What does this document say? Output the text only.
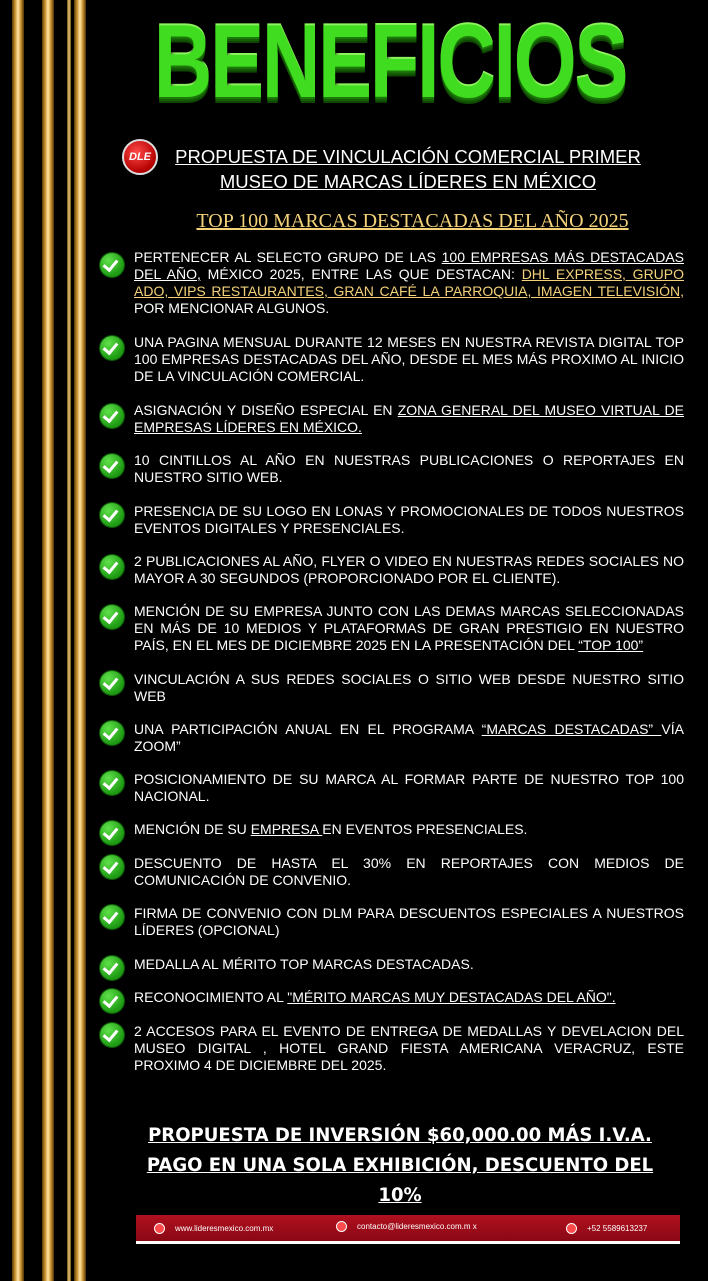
BENEFICIOS
DLE	PROPUESTA DE VINCULACIÓN COMERCIAL PRIMER
MUSEO DE MARCAS LÍDERES EN MÉXICO
TOP 100 MARCAS DESTACADAS DEL AÑO 2025
PERTENECER AL SELECTO GRUPO DE LAS 100 EMPRESAS MÁS DESTACADAS DEL AÑO, MÉXICO 2025, ENTRE LAS QUE DESTACAN: DHL EXPRESS, GRUPO ADO, VIPS RESTAURANTES, GRAN CAFÉ LA PARROQUIA, IMAGEN TELEVISIÓN, POR MENCIONAR ALGUNOS.
UNA PAGINA MENSUAL DURANTE 12 MESES EN NUESTRA REVISTA DIGITAL TOP 100 EMPRESAS DESTACADAS DEL AÑO, DESDE EL MES MÁS PROXIMO AL INICIO DE LA VINCULACIÓN COMERCIAL.
ASIGNACIÓN Y DISEÑO ESPECIAL EN ZONA GENERAL DEL MUSEO VIRTUAL DE EMPRESAS LÍDERES EN MÉXICO.
10 CINTILLOS AL AÑO EN NUESTRAS PUBLICACIONES O REPORTAJES EN NUESTRO SITIO WEB.
PRESENCIA DE SU LOGO EN LONAS Y PROMOCIONALES DE TODOS NUESTROS EVENTOS DIGITALES Y PRESENCIALES.
2 PUBLICACIONES AL AÑO, FLYER O VIDEO EN NUESTRAS REDES SOCIALES NO MAYOR A 30 SEGUNDOS (PROPORCIONADO POR EL CLIENTE).
MENCIÓN DE SU EMPRESA JUNTO CON LAS DEMAS MARCAS SELECCIONADAS EN MÁS DE 10 MEDIOS Y PLATAFORMAS DE GRAN PRESTIGIO EN NUESTRO PAÍS, EN EL MES DE DICIEMBRE 2025 EN LA PRESENTACIÓN DEL “TOP 100”
VINCULACIÓN A SUS REDES SOCIALES O SITIO WEB DESDE NUESTRO SITIO WEB
UNA PARTICIPACIÓN ANUAL EN EL PROGRAMA “MARCAS DESTACADAS” VÍA ZOOM”
POSICIONAMIENTO DE SU MARCA AL FORMAR PARTE DE NUESTRO TOP 100 NACIONAL.
MENCIÓN DE SU EMPRESA EN EVENTOS PRESENCIALES.
DESCUENTO DE HASTA EL 30% EN REPORTAJES CON MEDIOS DE COMUNICACIÓN DE CONVENIO.
FIRMA DE CONVENIO CON DLM PARA DESCUENTOS ESPECIALES A NUESTROS LÍDERES (OPCIONAL)
MEDALLA AL MÉRITO TOP MARCAS DESTACADAS.
RECONOCIMIENTO AL "MÉRITO MARCAS MUY DESTACADAS DEL AÑO".
2 ACCESOS PARA EL EVENTO DE ENTREGA DE MEDALLAS Y DEVELACION DEL MUSEO DIGITAL , HOTEL GRAND FIESTA AMERICANA VERACRUZ, ESTE PROXIMO 4 DE DICIEMBRE DEL 2025.
PROPUESTA DE INVERSIÓN $60,000.00 MÁS I.V.A.
PAGO EN UNA SOLA EXHIBICIÓN, DESCUENTO DEL 10%
www.lideresmexico.com.mx	contacto@lideresmexico.com.m x	+52 5589613237
